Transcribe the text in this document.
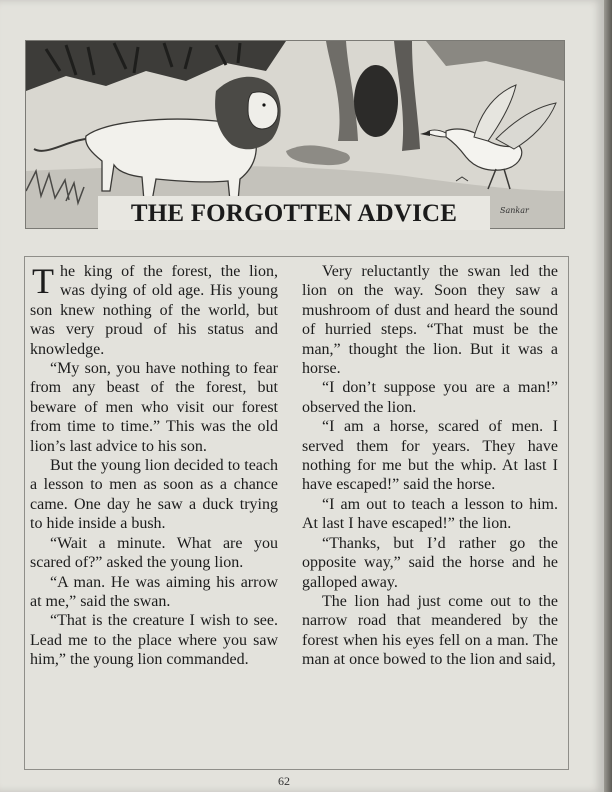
THE FORGOTTEN ADVICE	Sankar

The king of the forest, the lion, was dying of old age. His young son knew nothing of the world, but was very proud of his status and knowledge.

“My son, you have nothing to fear from any beast of the forest, but beware of men who visit our forest from time to time.” This was the old lion’s last advice to his son.

But the young lion decided to teach a lesson to men as soon as a chance came. One day he saw a duck trying to hide inside a bush.

“Wait a minute. What are you scared of?” asked the young lion.

“A man. He was aiming his arrow at me,” said the swan.

“That is the creature I wish to see. Lead me to the place where you saw him,” the young lion commanded.

Very reluctantly the swan led the lion on the way. Soon they saw a mushroom of dust and heard the sound of hurried steps. “That must be the man,” thought the lion. But it was a horse.

“I don’t suppose you are a man!” observed the lion.

“I am a horse, scared of men. I served them for years. They have nothing for me but the whip. At last I have escaped!” said the horse.

“I am out to teach a lesson to him. At last I have escaped!” the lion.

“Thanks, but I’d rather go the opposite way,” said the horse and he galloped away.

The lion had just come out to the narrow road that meandered by the forest when his eyes fell on a man. The man at once bowed to the lion and said,

62
